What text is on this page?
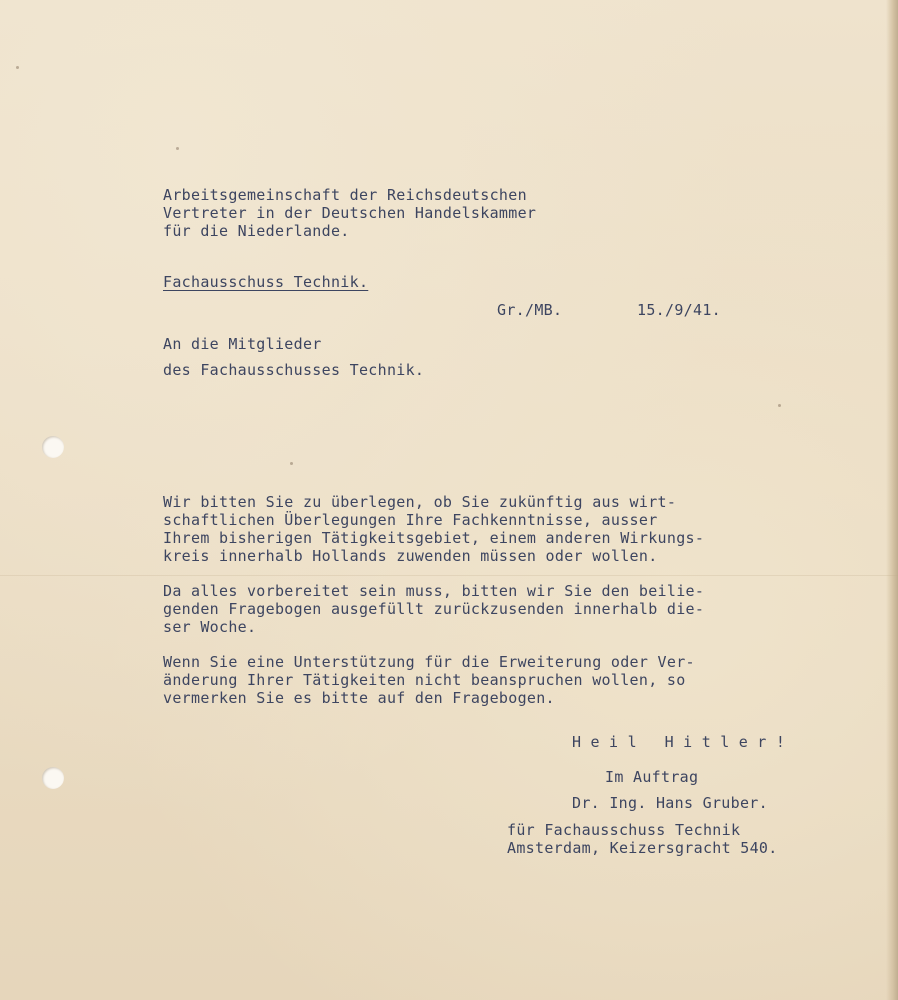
Arbeitsgemeinschaft der Reichsdeutschen

Vertreter in der Deutschen Handelskammer

für die Niederlande.

Fachausschuss Technik.

Gr./MB.	15./9/41.

An die Mitglieder

des Fachausschusses Technik.

Wir bitten Sie zu überlegen, ob Sie zukünftig aus wirt-

schaftlichen Überlegungen Ihre Fachkenntnisse, ausser

Ihrem bisherigen Tätigkeitsgebiet, einem anderen Wirkungs-

kreis innerhalb Hollands zuwenden müssen oder wollen.

Da alles vorbereitet sein muss, bitten wir Sie den beilie-

genden Fragebogen ausgefüllt zurückzusenden innerhalb die-

ser Woche.

Wenn Sie eine Unterstützung für die Erweiterung oder Ver-

änderung Ihrer Tätigkeiten nicht beanspruchen wollen, so

vermerken Sie es bitte auf den Fragebogen.

Heil Hitler!

Im Auftrag

Dr. Ing. Hans Gruber.

für Fachausschuss Technik

Amsterdam, Keizersgracht 540.
